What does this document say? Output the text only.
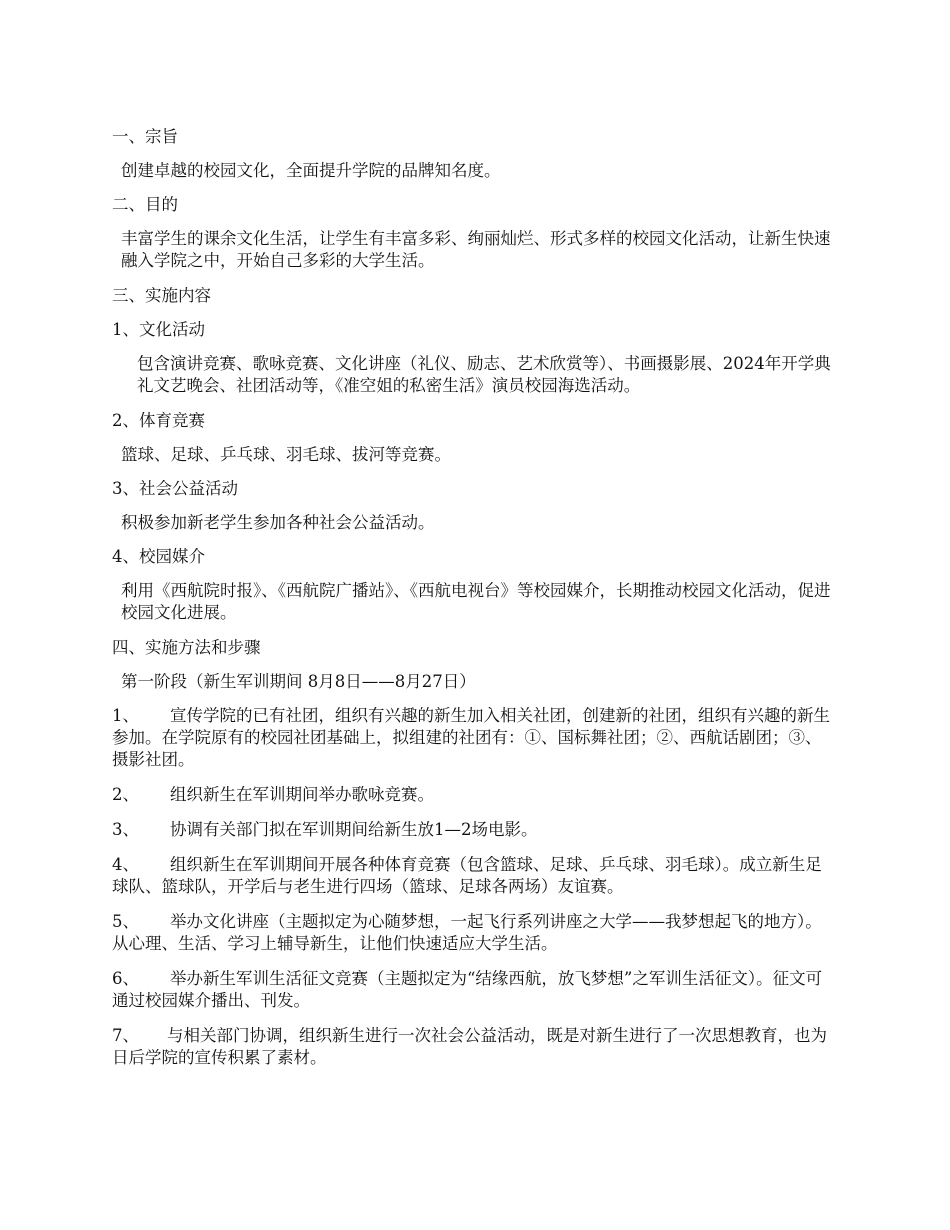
一、宗旨

创建卓越的校园文化，全面提升学院的品牌知名度。

二、目的

丰富学生的课余文化生活，让学生有丰富多彩、绚丽灿烂、形式多样的校园文化活动，让新生快速融入学院之中，开始自己多彩的大学生活。

三、实施内容

1、文化活动

包含演讲竞赛、歌咏竞赛、文化讲座（礼仪、励志、艺术欣赏等）、书画摄影展、2024年开学典礼文艺晚会、社团活动等，《准空姐的私密生活》演员校园海选活动。

2、体育竞赛

篮球、足球、乒乓球、羽毛球、拔河等竞赛。

3、社会公益活动

积极参加新老学生参加各种社会公益活动。

4、校园媒介

利用《西航院时报》、《西航院广播站》、《西航电视台》等校园媒介，长期推动校园文化活动，促进校园文化进展。

四、实施方法和步骤

第一阶段（新生军训期间 8月8日——8月27日）

1、 宣传学院的已有社团，组织有兴趣的新生加入相关社团，创建新的社团，组织有兴趣的新生参加。在学院原有的校园社团基础上，拟组建的社团有：①、国标舞社团；②、西航话剧团；③、摄影社团。

2、 组织新生在军训期间举办歌咏竞赛。

3、 协调有关部门拟在军训期间给新生放1—2场电影。

4、 组织新生在军训期间开展各种体育竞赛（包含篮球、足球、乒乓球、羽毛球）。成立新生足球队、篮球队，开学后与老生进行四场（篮球、足球各两场）友谊赛。

5、 举办文化讲座（主题拟定为心随梦想，一起飞行系列讲座之大学——我梦想起飞的地方）。从心理、生活、学习上辅导新生，让他们快速适应大学生活。

6、 举办新生军训生活征文竞赛（主题拟定为“结缘西航，放飞梦想”之军训生活征文）。征文可通过校园媒介播出、刊发。

7、 与相关部门协调，组织新生进行一次社会公益活动，既是对新生进行了一次思想教育，也为日后学院的宣传积累了素材。
